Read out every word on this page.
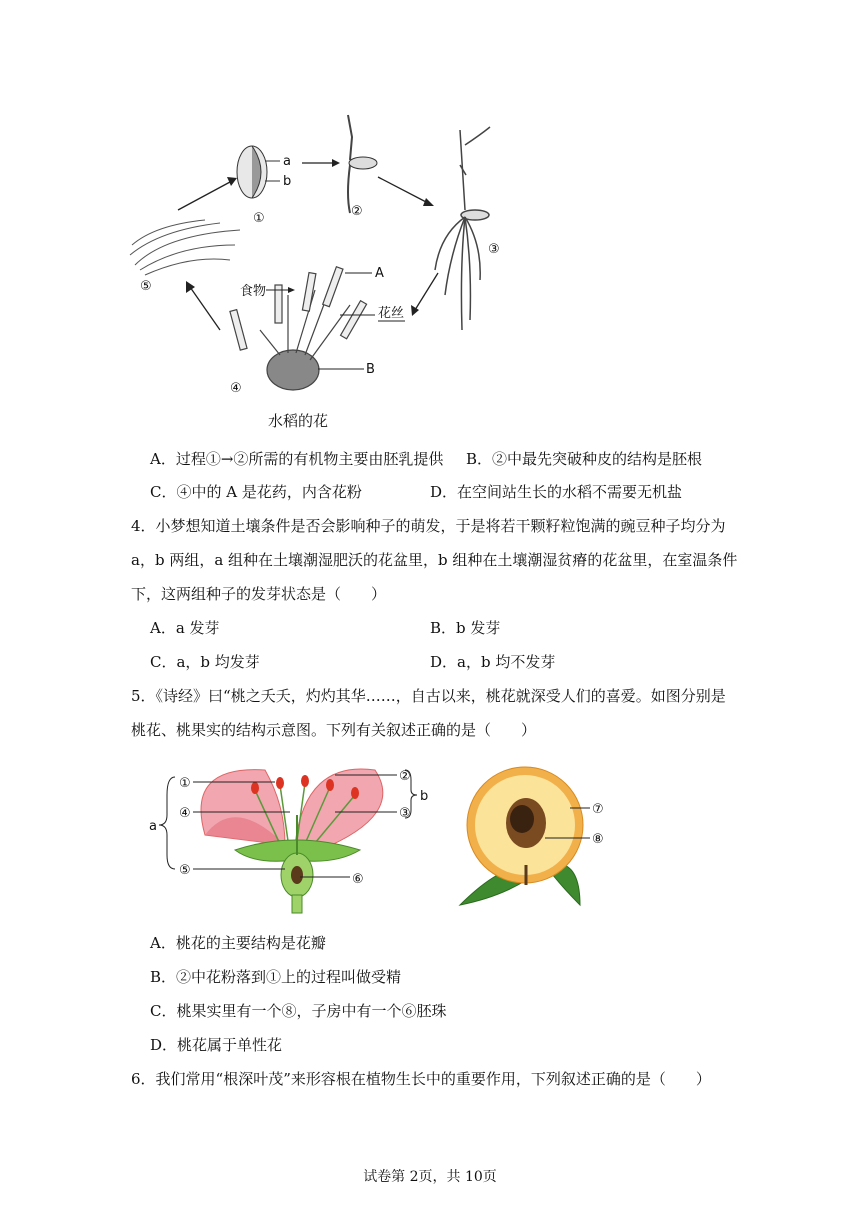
a
b
①	②
③
食物
A
花丝
B
④
⑤
水稻的花
A．过程①→②所需的有机物主要由胚乳提供 B．②中最先突破种皮的结构是胚根
C．④中的 A 是花药，内含花粉	D．在空间站生长的水稻不需要无机盐
4．小梦想知道土壤条件是否会影响种子的萌发，于是将若干颗籽粒饱满的豌豆种子均分为
a，b 两组，a 组种在土壤潮湿肥沃的花盆里，b 组种在土壤潮湿贫瘠的花盆里，在室温条件
下，这两组种子的发芽状态是（　　）
A．a 发芽	B．b 发芽
C．a，b 均发芽	D．a，b 均不发芽
5．《诗经》曰“桃之夭夭，灼灼其华……，自古以来，桃花就深受人们的喜爱。如图分别是
桃花、桃果实的结构示意图。下列有关叙述正确的是（　　）
①	②
③
④
⑤
⑥
b
a
⑦
⑧
A．桃花的主要结构是花瓣
B．②中花粉落到①上的过程叫做受精
C．桃果实里有一个⑧，子房中有一个⑥胚珠
D．桃花属于单性花
6．我们常用“根深叶茂”来形容根在植物生长中的重要作用，下列叙述正确的是（　　）
试卷第 2页，共 10页
